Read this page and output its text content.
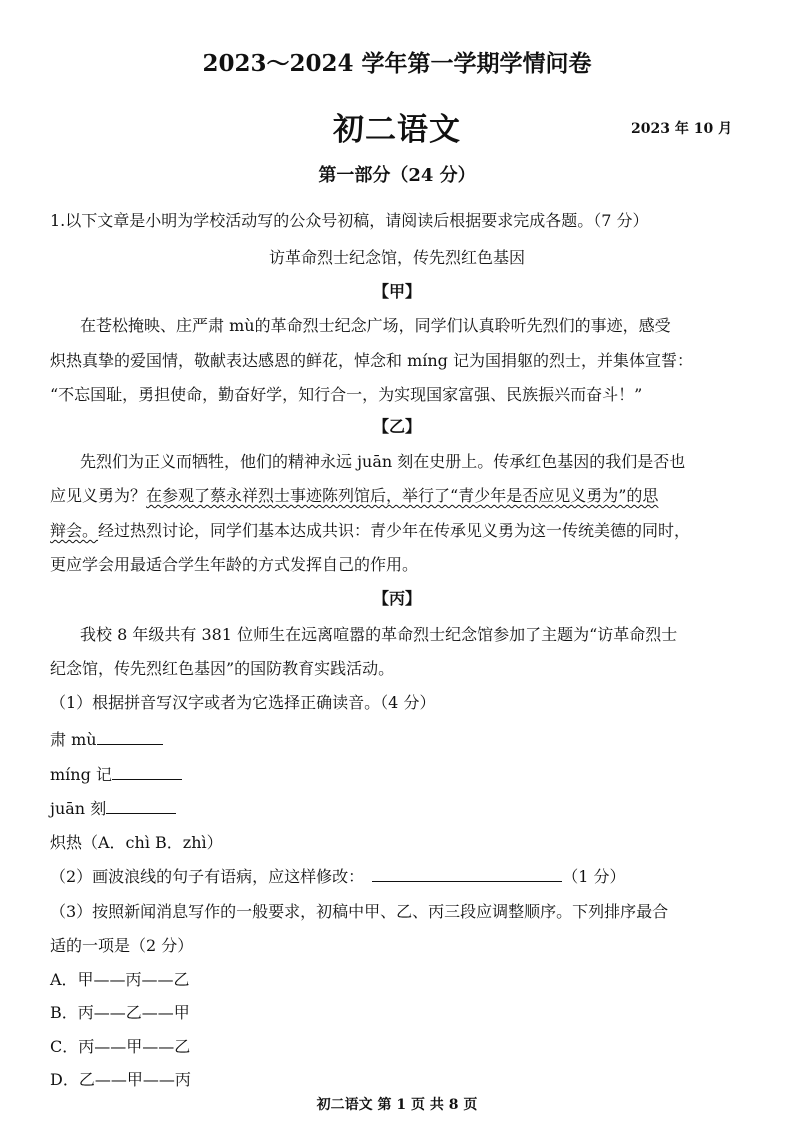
2023～2024 学年第一学期学情问卷
初二语文	2023 年 10 月
第一部分（24 分）
1.以下文章是小明为学校活动写的公众号初稿，请阅读后根据要求完成各题。（7 分）
访革命烈士纪念馆，传先烈红色基因
【甲】
在苍松掩映、庄严肃 mù的革命烈士纪念广场，同学们认真聆听先烈们的事迹，感受
炽热真挚的爱国情，敬献表达感恩的鲜花，悼念和 míng 记为国捐躯的烈士，并集体宣誓：
“不忘国耻，勇担使命，勤奋好学，知行合一，为实现国家富强、民族振兴而奋斗！”
【乙】
先烈们为正义而牺牲，他们的精神永远 juān 刻在史册上。传承红色基因的我们是否也
应见义勇为？在参观了蔡永祥烈士事迹陈列馆后，举行了“青少年是否应见义勇为”的思
辩会。经过热烈讨论，同学们基本达成共识：青少年在传承见义勇为这一传统美德的同时，
更应学会用最适合学生年龄的方式发挥自己的作用。
【丙】
我校 8 年级共有 381 位师生在远离喧嚣的革命烈士纪念馆参加了主题为“访革命烈士
纪念馆，传先烈红色基因”的国防教育实践活动。
（1）根据拼音写汉字或者为它选择正确读音。（4 分）
肃 mù
míng 记
juān 刻
炽热（A．chì B．zhì）
（2）画波浪线的句子有语病，应这样修改：	（1 分）
（3）按照新闻消息写作的一般要求，初稿中甲、乙、丙三段应调整顺序。下列排序最合
适的一项是（2 分）
A．甲——丙——乙
B．丙——乙——甲
C．丙——甲——乙
D．乙——甲——丙
初二语文 第 1 页 共 8 页
